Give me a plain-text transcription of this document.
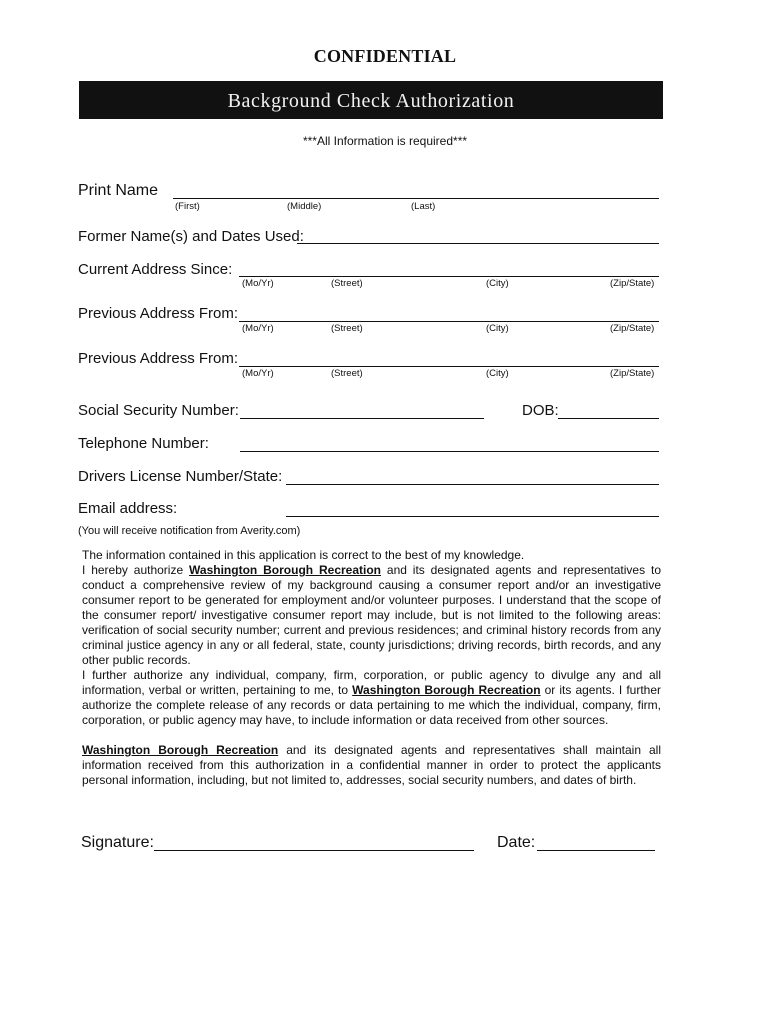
CONFIDENTIAL
Background Check Authorization
***All Information is required***
Print Name
(First)	(Middle)	(Last)
Former Name(s) and Dates Used:
Current Address Since:
(Mo/Yr)	(Street)	(City)	(Zip/State)
Previous Address From:
(Mo/Yr)	(Street)	(City)	(Zip/State)
Previous Address From:
(Mo/Yr)	(Street)	(City)	(Zip/State)
Social Security Number:	DOB:
Telephone Number:
Drivers License Number/State:
Email address:
(You will receive notification from Averity.com)

The information contained in this application is correct to the best of my knowledge.
I hereby authorize Washington Borough Recreation and its designated agents and representatives to conduct a comprehensive review of my background causing a consumer report and/or an investigative consumer report to be generated for employment and/or volunteer purposes. I understand that the scope of the consumer report/ investigative consumer report may include, but is not limited to the following areas: verification of social security number; current and previous residences; and criminal history records from any criminal justice agency in any or all federal, state, county jurisdictions; driving records, birth records, and any other public records.

I further authorize any individual, company, firm, corporation, or public agency to divulge any and all information, verbal or written, pertaining to me, to Washington Borough Recreation or its agents. I further authorize the complete release of any records or data pertaining to me which the individual, company, firm, corporation, or public agency may have, to include information or data received from other sources.

Washington Borough Recreation and its designated agents and representatives shall maintain all information received from this authorization in a confidential manner in order to protect the applicants personal information, including, but not limited to, addresses, social security numbers, and dates of birth.

Signature:	Date:
